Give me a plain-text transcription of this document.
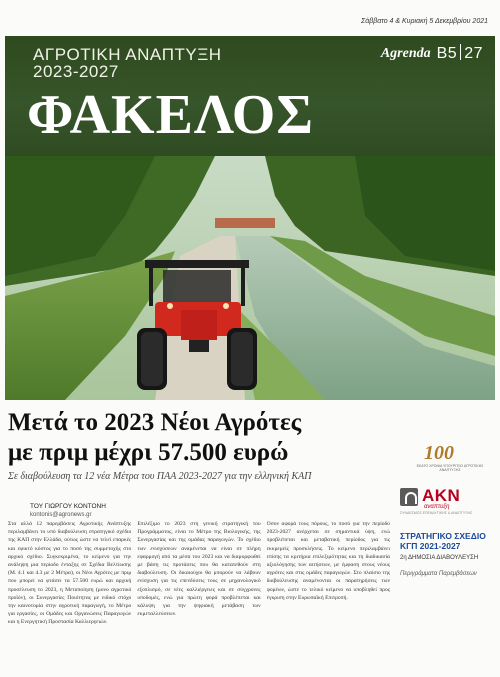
Σάββατο 4 & Κυριακή 5 Δεκεμβρίου 2021
ΑΓΡΟΤΙΚΗ ΑΝΑΠΤΥΞΗ
2023-2027
ΦΑΚΕΛΟΣ
Agrenda B5 27
Μετά το 2023 Νέοι Αγρότες
με πριμ μέχρι 57.500 ευρώ
Σε διαβούλευση τα 12 νέα Μέτρα του ΠΑΑ 2023-2027 για την ελληνική ΚΑΠ
ΤΟΥ ΓΙΩΡΓΟΥ ΚΟΝΤΟΝΗ
kontonis@agronews.gr

Στα αλλά 12 παρεμβάσεις Αγροτικής Ανάπτυξης περιλαμβάνει το υπό διαβούλευση στρατηγικό σχέδιο της ΚΑΠ στην Ελλάδα, ούτως ώστε να τελεί επαρκές και εφικτό κόστος για το ποσό της συμμετοχής στο αρχικό σχέδιο. Συγκεκριμένα, το κείμενο για την ανάληψη μια περίοδο ένταξης σε Σχέδια Βελτίωσης (Μ. 4.1 και 4.3 με 2 Μέτρα), οι Νέοι Αγρότες με πριμ που μπορεί να φτάσει τα 57.500 ευρώ και αρχική προσέλευση το 2023, η Μεταποίηση (μονο αγροτικό προϊόν), οι Συνεργασίες Ποιότητας με ειδικό στόχο την καινοτομία στην αγροτική παραγωγή, το Μέτρο για εργασίες, οι Ομάδες και Οργανώσεις Παραγωγών και η Ενεργητική Προστασία Καλλιεργειών.

Επιλέξιμο το 2023 στη γενική στρατηγική του Προγράμματος, είναι το Μέτρο της Βιολογικής, της Συνεργασίας και της ομάδας παραγωγών. Το σχέδιο των ενισχύσεων αναμένεται να είναι σε πλήρη εφαρμογή από τα μέσα του 2023 και να διαμορφωθεί με βάση τις προτάσεις που θα κατατεθούν στη διαβούλευση. Οι δικαιούχοι θα μπορούν να λάβουν ενίσχυση για τις επενδύσεις τους σε μηχανολογικό εξοπλισμό, σε νέες καλλιέργειες και σε σύγχρονες υποδομές, ενώ για πρώτη φορά προβλέπεται και κάλυψη για την ψηφιακή μετάβαση των εκμεταλλεύσεων.

Όσον αφορά τους πόρους, το ποσό για την περίοδο 2023-2027 ανέρχεται σε σημαντικά ύψη, ενώ προβλέπεται και μεταβατική περίοδος για τις εκκρεμείς προσκλήσεις. Το κείμενο περιλαμβάνει επίσης τα κριτήρια επιλεξιμότητας και τη διαδικασία αξιολόγησης των αιτήσεων, με έμφαση στους νέους αγρότες και στις ομάδες παραγωγών. Στο πλαίσιο της διαβούλευσης αναμένονται οι παρατηρήσεις των φορέων, ώστε το τελικό κείμενο να υποβληθεί προς έγκριση στην Ευρωπαϊκή Επιτροπή.

100
ΕΚΑΤΟ ΧΡΟΝΙΑ ΥΠΟΥΡΓΕΙΟ ΑΓΡΟΤΙΚΗΣ ΑΝΑΠΤΥΞΗΣ
ΑΚΝ
αναπτυξη
ΣΥΝΔΕΣΜΟΣ ΕΠΕΝΔΥΤΙΚΗΣ & ΑΝΑΠΤΥΞΗΣ
ΣΤΡΑΤΗΓΙΚΟ ΣΧΕΔΙΟ
ΚΓΠ 2021-2027
2η ΔΗΜΟΣΙΑ ΔΙΑΒΟΥΛΕΥΣΗ
Περιγράμματα Παρεμβάσεων
